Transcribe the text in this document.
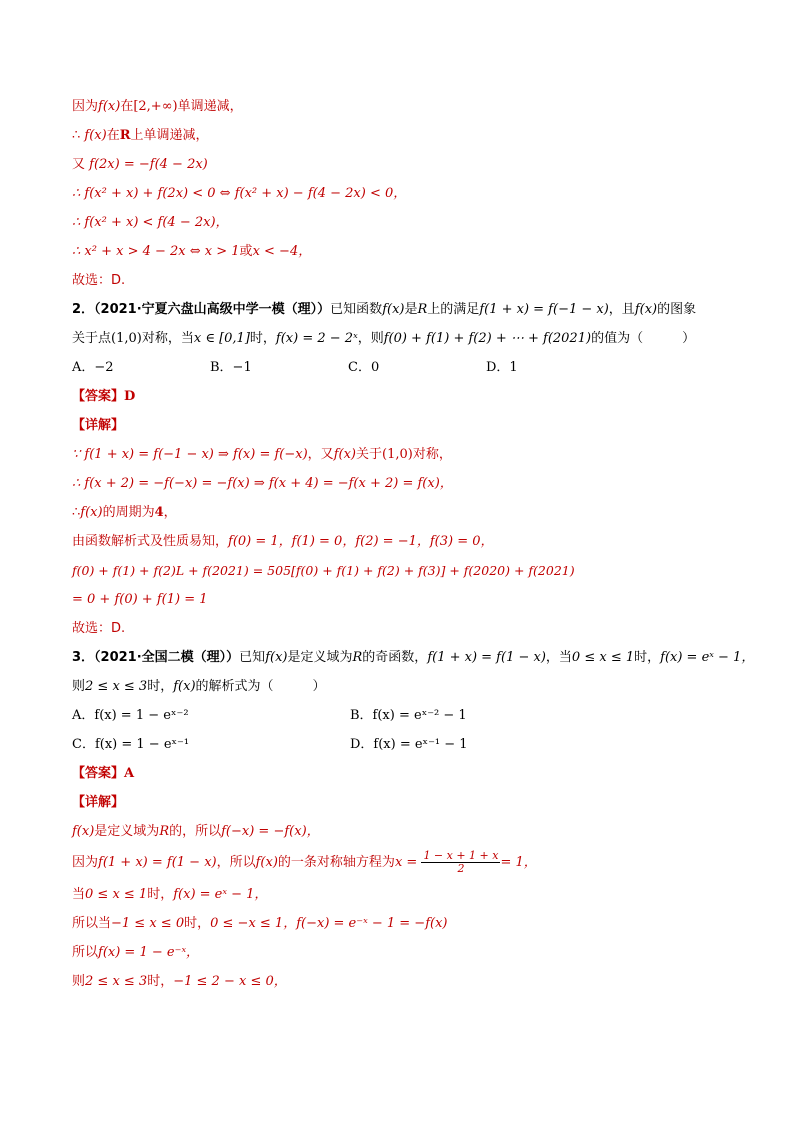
因为f(x)在[2,+∞)单调递减，
∴ f(x)在R上单调递减，
又 f(2x) = −f(4 − 2x)
∴ f(x² + x) + f(2x) < 0 ⇔ f(x² + x) − f(4 − 2x) < 0，
∴ f(x² + x) < f(4 − 2x)，
∴ x² + x > 4 − 2x ⇔ x > 1或x < −4，
故选：D.
2．（2021·宁夏六盘山高级中学一模（理））已知函数f(x)是R上的满足f(1 + x) = f(−1 − x)，且f(x)的图象
关于点(1,0)对称，当x ∈ [0,1]时，f(x) = 2 − 2ˣ，则f(0) + f(1) + f(2) + ⋯ + f(2021)的值为（　　　）
A．−2	B．−1	C．0	D．1
【答案】D
【详解】
∵ f(1 + x) = f(−1 − x) ⇒ f(x) = f(−x)，又f(x)关于(1,0)对称，
∴ f(x + 2) = −f(−x) = −f(x) ⇒ f(x + 4) = −f(x + 2) = f(x)，
∴f(x)的周期为4，
由函数解析式及性质易知，f(0) = 1，f(1) = 0，f(2) = −1，f(3) = 0，
f(0) + f(1) + f(2)L + f(2021) = 505[f(0) + f(1) + f(2) + f(3)] + f(2020) + f(2021)
= 0 + f(0) + f(1) = 1
故选：D.
3．（2021·全国二模（理））已知f(x)是定义域为R的奇函数，f(1 + x) = f(1 − x)，当0 ≤ x ≤ 1时，f(x) = eˣ − 1，
则2 ≤ x ≤ 3时，f(x)的解析式为（　　　）
A．f(x) = 1 − eˣ⁻²	B．f(x) = eˣ⁻² − 1
C．f(x) = 1 − eˣ⁻¹	D．f(x) = eˣ⁻¹ − 1
【答案】A
【详解】
f(x)是定义域为R的，所以f(−x) = −f(x)，
因为f(1 + x) = f(1 − x)，所以f(x)的一条对称轴方程为$x = \frac{1 - x + 1 + x}{2} = 1$，
当0 ≤ x ≤ 1时，f(x) = eˣ − 1，
所以当−1 ≤ x ≤ 0时，0 ≤ −x ≤ 1，f(−x) = e⁻ˣ − 1 = −f(x)
所以f(x) = 1 − e⁻ˣ，
则2 ≤ x ≤ 3时，−1 ≤ 2 − x ≤ 0，
